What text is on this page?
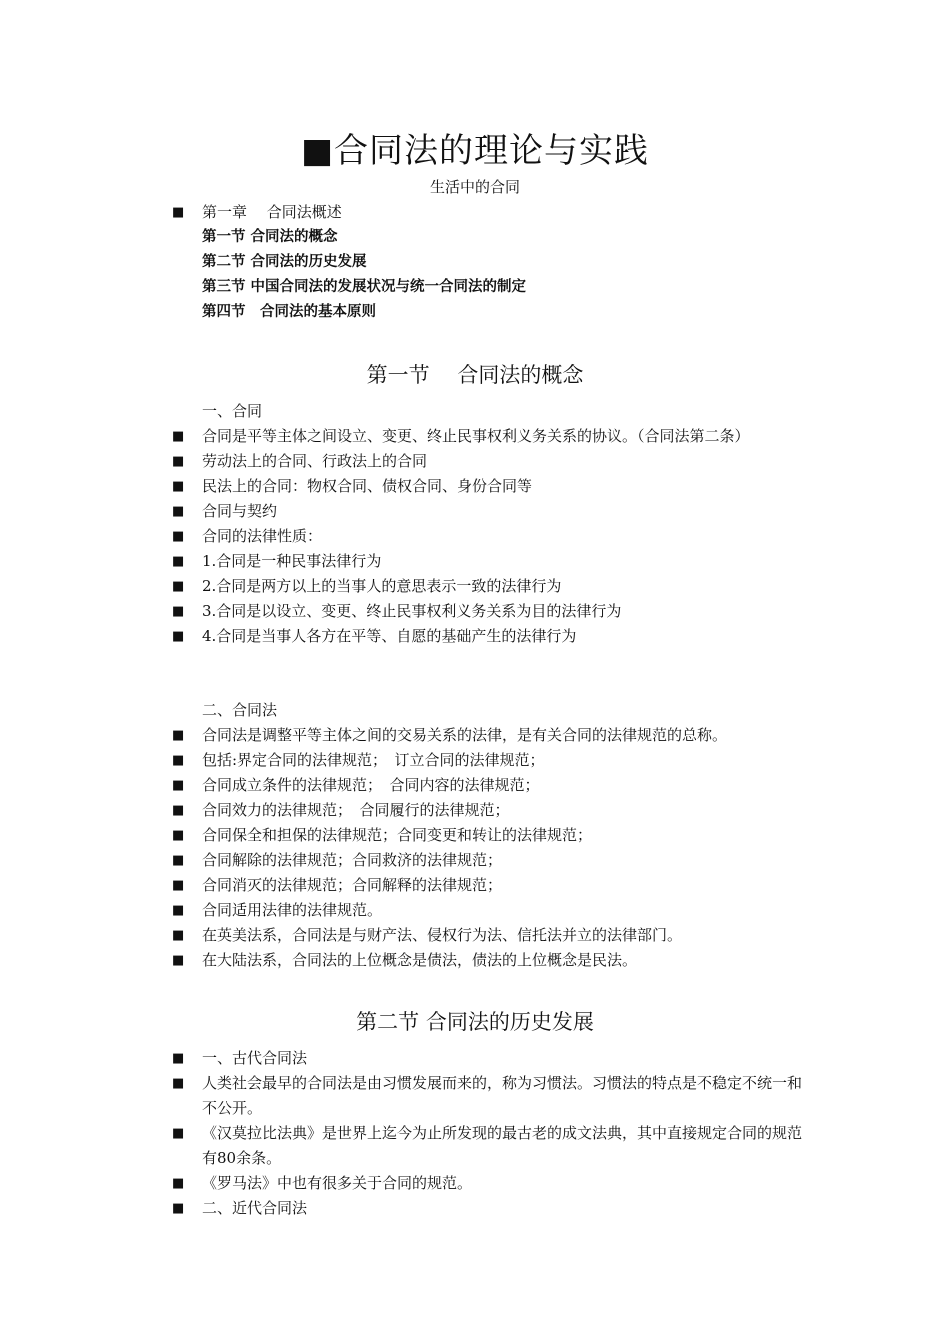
■合同法的理论与实践
生活中的合同
■	第一章　 合同法概述
第一节 合同法的概念
第二节 合同法的历史发展
第三节 中国合同法的发展状况与统一合同法的制定
第四节　合同法的基本原则
第一节　 合同法的概念
一、合同
■	合同是平等主体之间设立、变更、终止民事权利义务关系的协议。（合同法第二条）
■	劳动法上的合同、行政法上的合同
■	民法上的合同：物权合同、债权合同、身份合同等
■	合同与契约
■	合同的法律性质：
■	1.合同是一种民事法律行为
■	2.合同是两方以上的当事人的意思表示一致的法律行为
■	3.合同是以设立、变更、终止民事权利义务关系为目的法律行为
■	4.合同是当事人各方在平等、自愿的基础产生的法律行为
二、合同法
■	合同法是调整平等主体之间的交易关系的法律，是有关合同的法律规范的总称。
■	包括:界定合同的法律规范；　订立合同的法律规范；
■	合同成立条件的法律规范；　合同内容的法律规范；
■	合同效力的法律规范；　合同履行的法律规范；
■	合同保全和担保的法律规范；合同变更和转让的法律规范；
■	合同解除的法律规范；合同救济的法律规范；
■	合同消灭的法律规范；合同解释的法律规范；
■	合同适用法律的法律规范。
■	在英美法系，合同法是与财产法、侵权行为法、信托法并立的法律部门。
■	在大陆法系，合同法的上位概念是债法，债法的上位概念是民法。
第二节 合同法的历史发展
■	一、古代合同法
■	人类社会最早的合同法是由习惯发展而来的，称为习惯法。习惯法的特点是不稳定不统一和不公开。
■	《汉莫拉比法典》是世界上迄今为止所发现的最古老的成文法典，其中直接规定合同的规范有80余条。
■	《罗马法》中也有很多关于合同的规范。
■	二、近代合同法
